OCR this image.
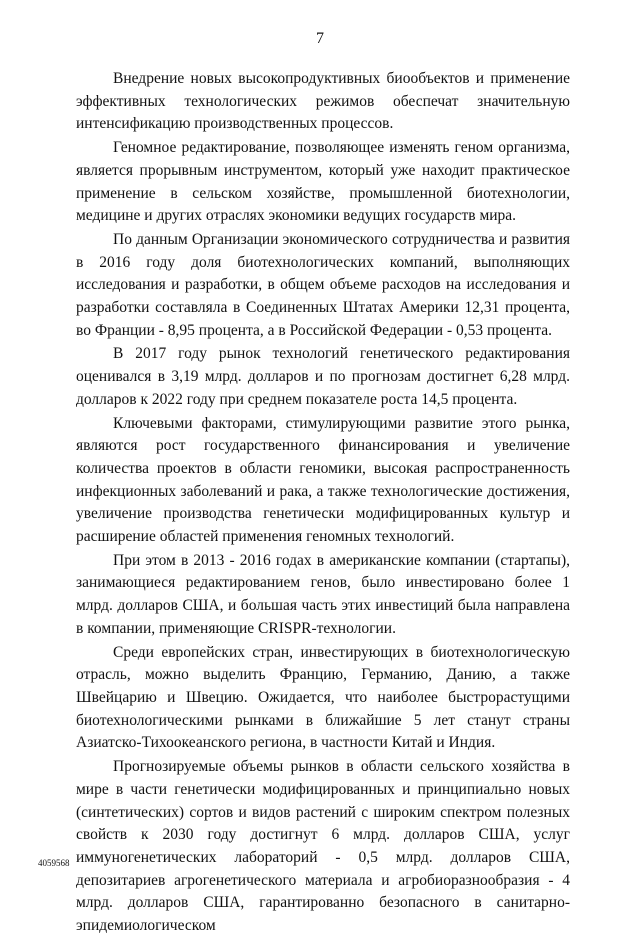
7

Внедрение новых высокопродуктивных биообъектов и применение эффективных технологических режимов обеспечат значительную интенсификацию производственных процессов.

Геномное редактирование, позволяющее изменять геном организма, является прорывным инструментом, который уже находит практическое применение в сельском хозяйстве, промышленной биотехнологии, медицине и других отраслях экономики ведущих государств мира.

По данным Организации экономического сотрудничества и развития в 2016 году доля биотехнологических компаний, выполняющих исследования и разработки, в общем объеме расходов на исследования и разработки составляла в Соединенных Штатах Америки 12,31 процента, во Франции - 8,95 процента, а в Российской Федерации - 0,53 процента.

В 2017 году рынок технологий генетического редактирования оценивался в 3,19 млрд. долларов и по прогнозам достигнет 6,28 млрд. долларов к 2022 году при среднем показателе роста 14,5 процента.

Ключевыми факторами, стимулирующими развитие этого рынка, являются рост государственного финансирования и увеличение количества проектов в области геномики, высокая распространенность инфекционных заболеваний и рака, а также технологические достижения, увеличение производства генетически модифицированных культур и расширение областей применения геномных технологий.

При этом в 2013 - 2016 годах в американские компании (стартапы), занимающиеся редактированием генов, было инвестировано более 1 млрд. долларов США, и большая часть этих инвестиций была направлена в компании, применяющие CRISPR-технологии.

Среди европейских стран, инвестирующих в биотехнологическую отрасль, можно выделить Францию, Германию, Данию, а также Швейцарию и Швецию. Ожидается, что наиболее быстрорастущими биотехнологическими рынками в ближайшие 5 лет станут страны Азиатско-Тихоокеанского региона, в частности Китай и Индия.

Прогнозируемые объемы рынков в области сельского хозяйства в мире в части генетически модифицированных и принципиально новых (синтетических) сортов и видов растений с широким спектром полезных свойств к 2030 году достигнут 6 млрд. долларов США, услуг иммуногенетических лабораторий - 0,5 млрд. долларов США, депозитариев агрогенетического материала и агробиоразнообразия - 4 млрд. долларов США, гарантированно безопасного в санитарно-эпидемиологическом

4059568
